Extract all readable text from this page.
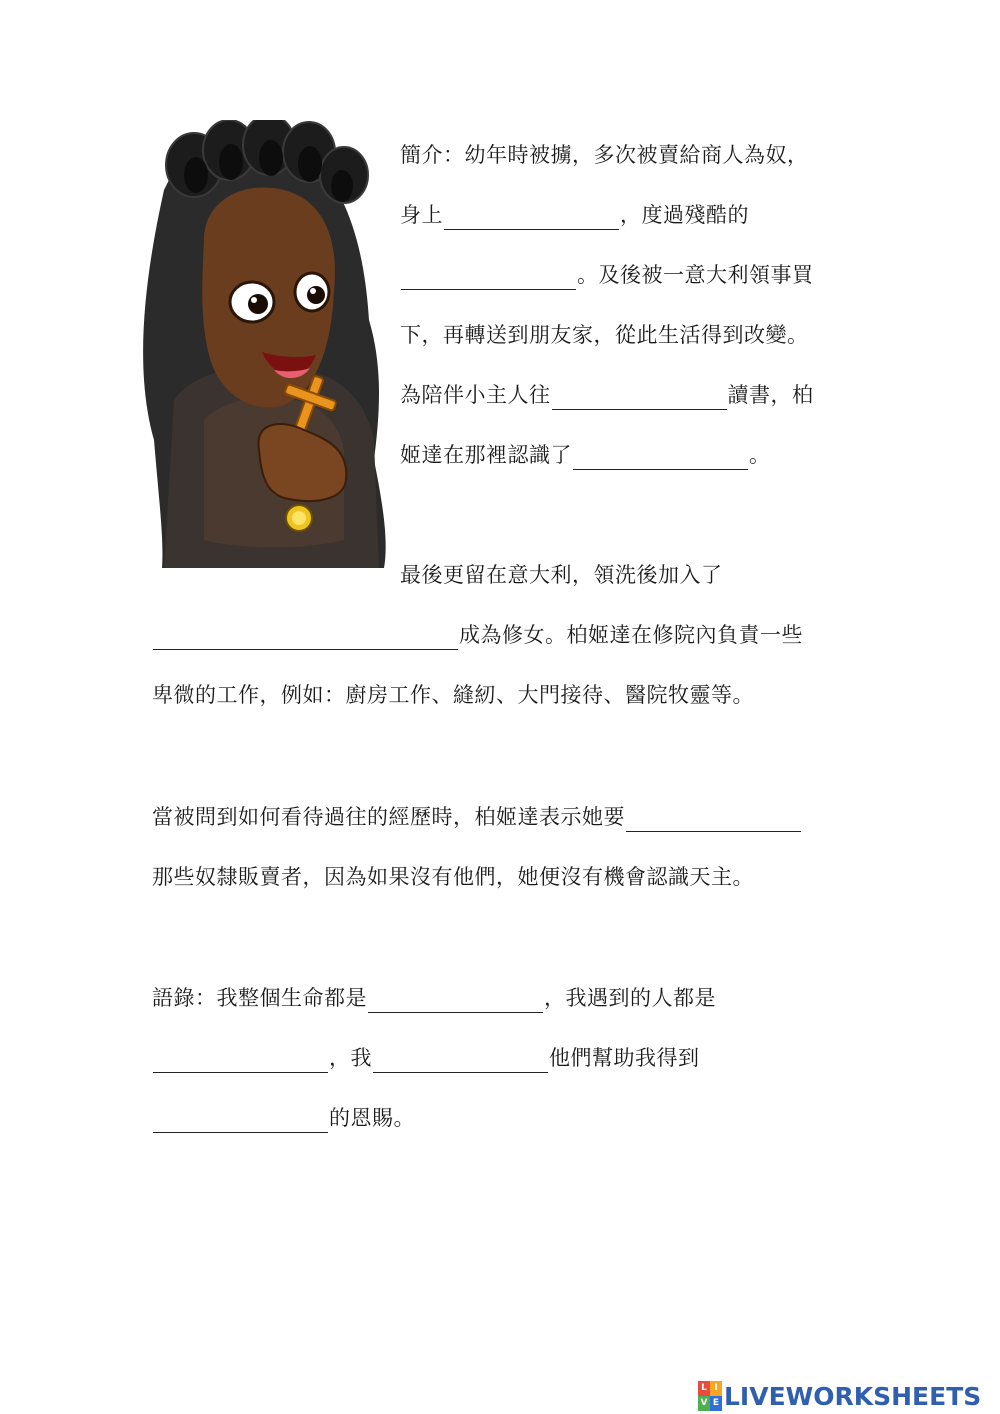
簡介：幼年時被擄，多次被賣給商人為奴，
身上	，度過殘酷的
。及後被一意大利領事買
下，再轉送到朋友家，從此生活得到改變。
為陪伴小主人往	讀書，柏
姬達在那裡認識了	。
最後更留在意大利，領洗後加入了
成為修女。柏姬達在修院內負責一些
卑微的工作，例如：廚房工作、縫紉、大門接待、醫院牧靈等。
當被問到如何看待過往的經歷時，柏姬達表示她要
那些奴隸販賣者，因為如果沒有他們，她便沒有機會認識天主。
語錄：我整個生命都是	，我遇到的人都是
，我	他們幫助我得到
的恩賜。
L I
V E LIVEWORKSHEETS
